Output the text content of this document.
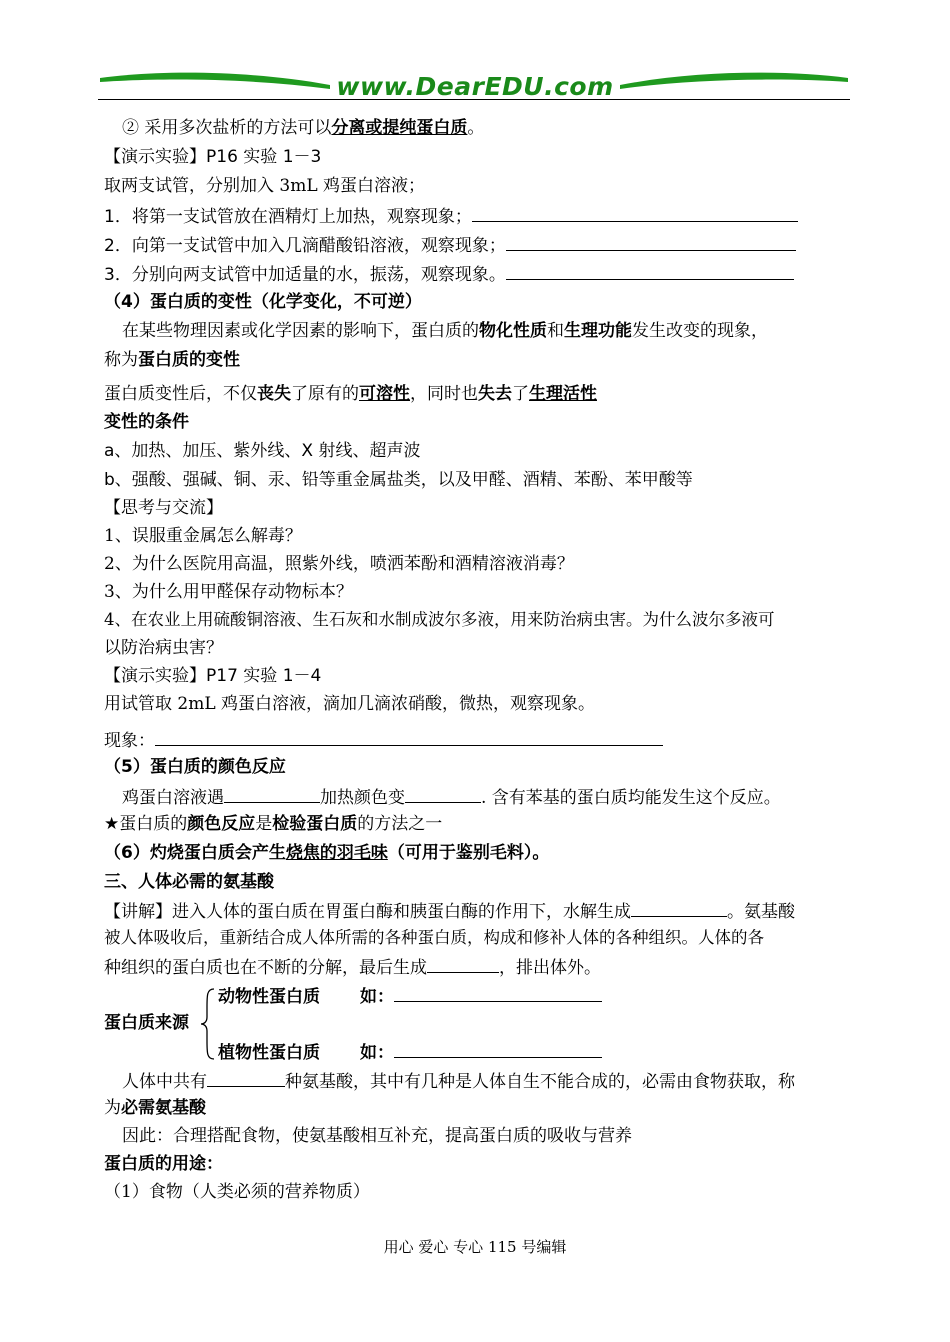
www.DearEDU.com
② 采用多次盐析的方法可以分离或提纯蛋白质。
【演示实验】P16 实验 1－3
取两支试管，分别加入 3mL 鸡蛋白溶液；
1．将第一支试管放在酒精灯上加热，观察现象；
2．向第一支试管中加入几滴醋酸铅溶液，观察现象；
3．分别向两支试管中加适量的水，振荡，观察现象。
（4）蛋白质的变性（化学变化，不可逆）
在某些物理因素或化学因素的影响下，蛋白质的物化性质和生理功能发生改变的现象，
称为蛋白质的变性
蛋白质变性后，不仅丧失了原有的可溶性，同时也失去了生理活性
变性的条件
a、加热、加压、紫外线、X 射线、超声波
b、强酸、强碱、铜、汞、铅等重金属盐类，以及甲醛、酒精、苯酚、苯甲酸等
【思考与交流】
1、误服重金属怎么解毒？
2、为什么医院用高温，照紫外线，喷洒苯酚和酒精溶液消毒？
3、为什么用甲醛保存动物标本？
4、在农业上用硫酸铜溶液、生石灰和水制成波尔多液，用来防治病虫害。为什么波尔多液可
以防治病虫害？
【演示实验】P17 实验 1－4
用试管取 2mL 鸡蛋白溶液，滴加几滴浓硝酸，微热，观察现象。
现象：
（5）蛋白质的颜色反应
鸡蛋白溶液遇	加热颜色变	. 含有苯基的蛋白质均能发生这个反应。
★蛋白质的颜色反应是检验蛋白质的方法之一
（6）灼烧蛋白质会产生烧焦的羽毛味（可用于鉴别毛料）。
三、人体必需的氨基酸
【讲解】进入人体的蛋白质在胃蛋白酶和胰蛋白酶的作用下，水解生成	。氨基酸
被人体吸收后，重新结合成人体所需的各种蛋白质，构成和修补人体的各种组织。人体的各
种组织的蛋白质也在不断的分解，最后生成	，排出体外。
动物性蛋白质 如：
蛋白质来源
植物性蛋白质 如：
人体中共有	种氨基酸，其中有几种是人体自生不能合成的，必需由食物获取，称
为必需氨基酸
因此：合理搭配食物，使氨基酸相互补充，提高蛋白质的吸收与营养
蛋白质的用途：
（1）食物（人类必须的营养物质）
用心 爱心 专心 115 号编辑
